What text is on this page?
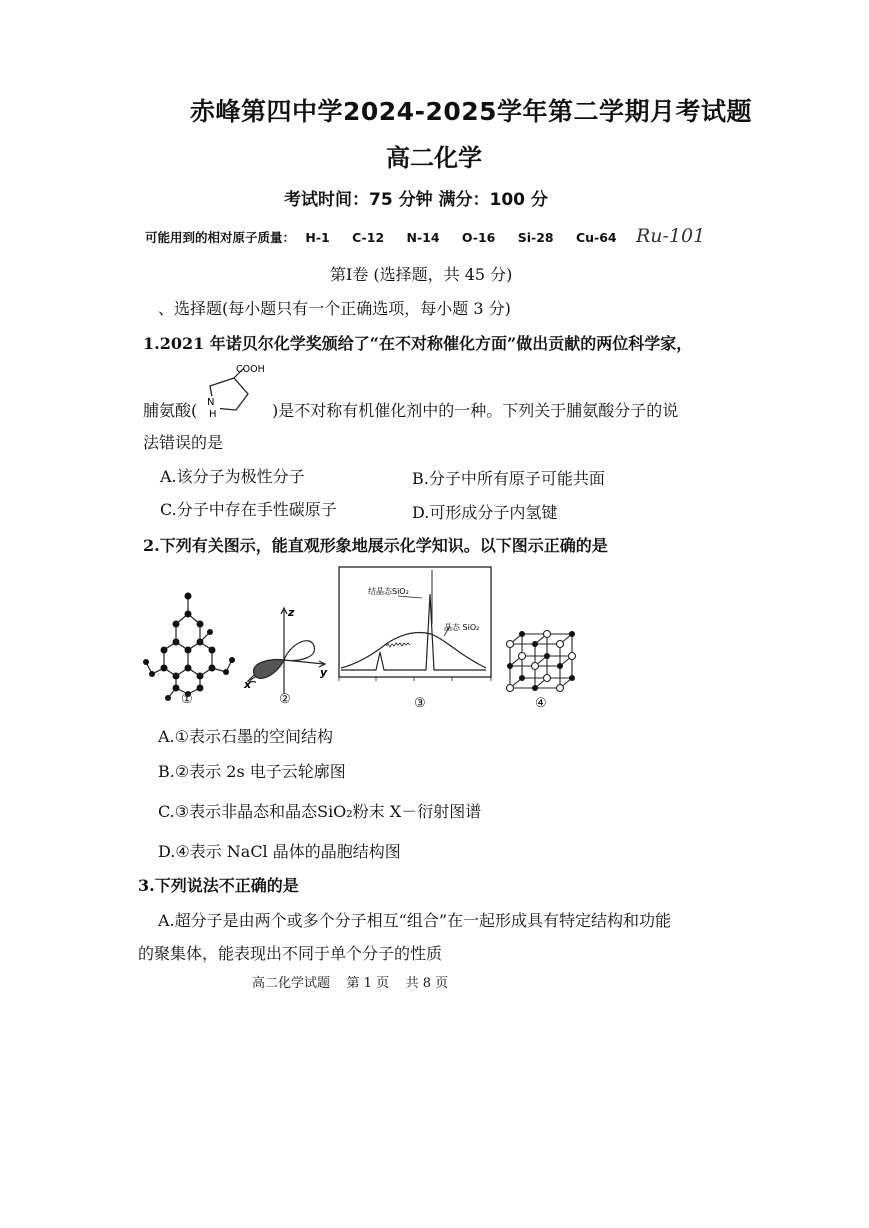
赤峰第四中学2024-2025学年第二学期月考试题
高二化学
考试时间：75 分钟 满分：100 分
可能用到的相对原子质量： H-1 C-12 N-14 O-16 Si-28 Cu-64	Ru-101
第Ⅰ卷 (选择题，共 45 分)
、选择题(每小题只有一个正确选项，每小题 3 分)
1.2021 年诺贝尔化学奖颁给了“在不对称催化方面”做出贡献的两位科学家，
脯氨酸( N
H
COOH
)是不对称有机催化剂中的一种。下列关于脯氨酸分子的说
法错误的是
A.该分子为极性分子	B.分子中所有原子可能共面
C.分子中存在手性碳原子	D.可形成分子内氢键
2.下列有关图示，能直观形象地展示化学知识。以下图示正确的是
①
z
y
x
②
结晶态SiO₂
晶态 SiO₂
③	④
A.①表示石墨的空间结构
B.②表示 2s 电子云轮廓图
C.③表示非晶态和晶态SiO₂粉末 X－衍射图谱
D.④表示 NaCl 晶体的晶胞结构图
3.下列说法不正确的是
A.超分子是由两个或多个分子相互“组合”在一起形成具有特定结构和功能
的聚集体，能表现出不同于单个分子的性质
高二化学试题    第 1 页    共 8 页
